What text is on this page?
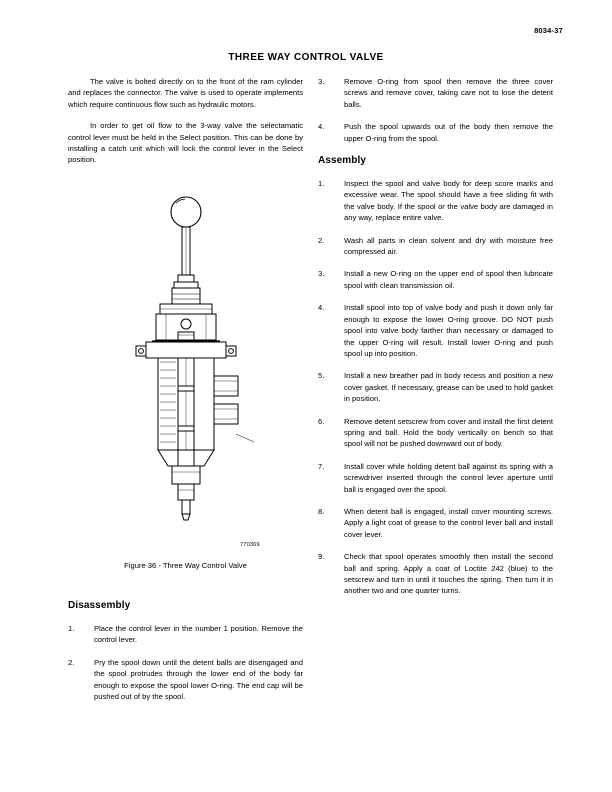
8034-37
THREE WAY CONTROL VALVE

The valve is bolted directly on to the front of the ram cylinder and replaces the connector. The valve is used to operate implements which require continuous flow such as hydraulic motors.

In order to get oil flow to the 3-way valve the selectamatic control lever must be held in the Select position. This can be done by installing a catch unit which will lock the control lever in the Select position.

770369
Figure 36 - Three Way Control Valve
Disassembly
1.	Place the control lever in the number 1 position. Remove the control lever.
2.	Pry the spool down until the detent balls are disengaged and the spool protrudes through the lower end of the body far enough to expose the spool lower O-ring. The end cap will be pushed out of by the spool.
3.	Remove O-ring from spool then remove the three cover screws and remove cover, taking care not to lose the detent balls.
4.	Push the spool upwards out of the body then remove the upper O-ring from the spool.
Assembly
1.	Inspect the spool and valve body for deep score marks and excessive wear. The spool should have a free sliding fit with the valve body. If the spool or the valve body are damaged in any way, replace entire valve.
2.	Wash all parts in clean solvent and dry with moisture free compressed air.
3.	Install a new O-ring on the upper end of spool then lubricate spool with clean transmission oil.
4.	Install spool into top of valve body and push it down only far enough to expose the lower O-ring groove. DO NOT push spool into valve body farther than necessary or damaged to the upper O-ring will result. Install lower O-ring and push spool up into position.
5.	Install a new breather pad in body recess and position a new cover gasket. If necessary, grease can be used to hold gasket in position.
6.	Remove detent setscrew from cover and install the first detent spring and ball. Hold the body vertically on bench so that spool will not be pushed downward out of body.
7.	Install cover while holding detent ball against its spring with a screwdriver inserted through the control lever aperture until ball is engaged over the spool.
8.	When detent ball is engaged, install cover mounting screws. Apply a light coat of grease to the control lever ball and install cover lever.
9.	Check that spool operates smoothly then install the second ball and spring. Apply a coat of Loctite 242 (blue) to the setscrew and turn in until it touches the spring. Then turn it in another two and one quarter turns.
